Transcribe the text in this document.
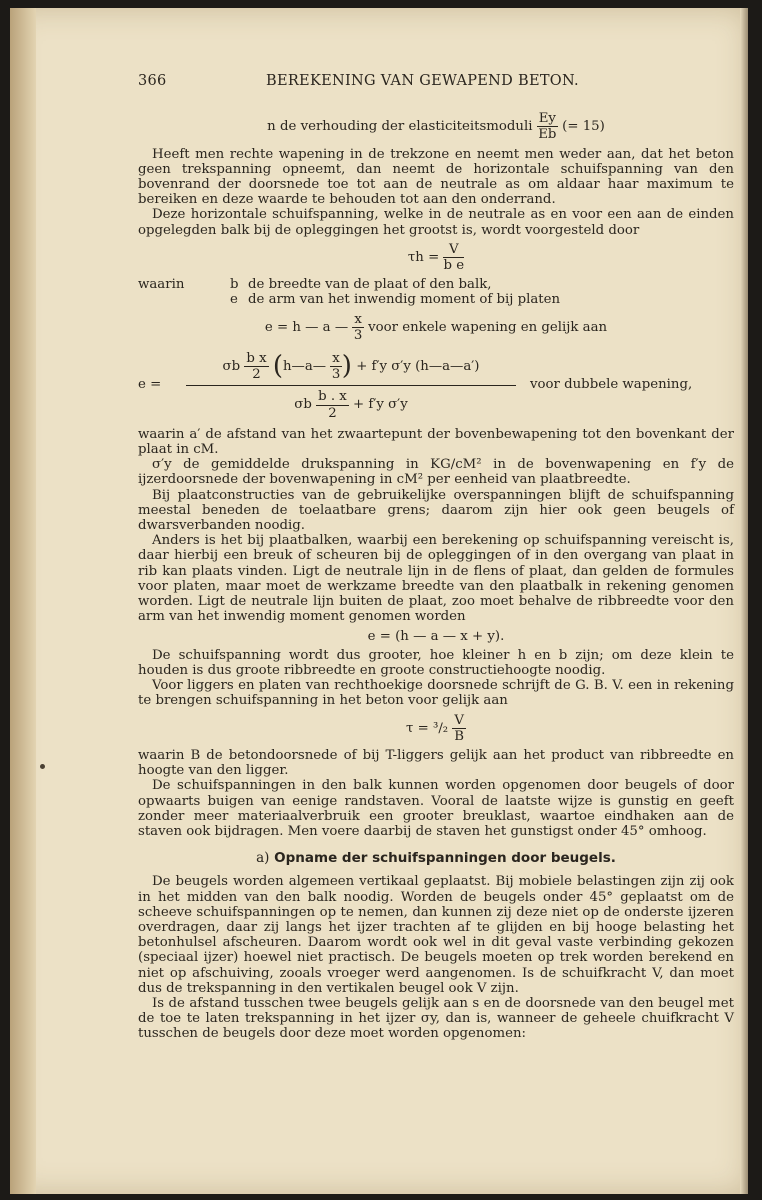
366	BEREKENING VAN GEWAPEND BETON.
n de verhouding der elasticiteitsmoduli $\frac{Ey}{Eb}$ (= 15)

Heeft men rechte wapening in de trekzone en neemt men weder aan, dat het beton geen trekspanning opneemt, dan neemt de horizontale schuifspanning van den bovenrand der doorsnede toe tot aan de neutrale as om aldaar haar maximum te bereiken en deze waarde te behouden tot aan den onderrand.

Deze horizontale schuifspanning, welke in de neutrale as en voor een aan de einden opgelegden balk bij de opleggingen het grootst is, wordt voorgesteld door

$\tau h = \frac{V}{\text{b e}}$
waarin	b de breedte van de plaat of den balk,
e de arm van het inwendig moment of bij platen
e = h — a — $\frac{x}{3}$ voor enkele wapening en gelijk aan
e =
σb $\frac{\text{b x}}{2}$ (h—a— $\frac{x}{3}$ ) + f′y σ′y (h—a—a′)
σb $\frac{b . x}{2} + f'y$ σ′y
voor dubbele wapening,

waarin a′ de afstand van het zwaartepunt der bovenbewapening tot den bovenkant der plaat in cM.

σ′y de gemiddelde drukspanning in KG/cM² in de bovenwapening en f′y de ijzerdoorsnede der bovenwapening in cM² per eenheid van plaatbreedte.

Bij plaatconstructies van de gebruikelijke overspanningen blijft de schuifspanning meestal beneden de toelaatbare grens; daarom zijn hier ook geen beugels of dwarsverbanden noodig.

Anders is het bij plaatbalken, waarbij een berekening op schuifspanning vereischt is, daar hierbij een breuk of scheuren bij de opleggingen of in den overgang van plaat in rib kan plaats vinden. Ligt de neutrale lijn in de flens of plaat, dan gelden de formules voor platen, maar moet de werkzame breedte van den plaatbalk in rekening genomen worden. Ligt de neutrale lijn buiten de plaat, zoo moet behalve de ribbreedte voor den arm van het inwendig moment genomen worden

e = (h — a — x + y).

De schuifspanning wordt dus grooter, hoe kleiner h en b zijn; om deze klein te houden is dus groote ribbreedte en groote constructiehoogte noodig.

Voor liggers en platen van rechthoekige doorsnede schrijft de G. B. V. een in rekening te brengen schuifspanning in het beton voor gelijk aan

$\tau = ^3/_2 \frac{V}{B}$

waarin B de betondoorsnede of bij T-liggers gelijk aan het product van ribbreedte en hoogte van den ligger.

De schuifspanningen in den balk kunnen worden opgenomen door beugels of door opwaarts buigen van eenige randstaven. Vooral de laatste wijze is gunstig en geeft zonder meer materiaalverbruik een grooter breuklast, waartoe eindhaken aan de staven ook bijdragen. Men voere daarbij de staven het gunstigst onder 45° omhoog.

a) Opname der schuifspanningen door beugels.

De beugels worden algemeen vertikaal geplaatst. Bij mobiele belastingen zijn zij ook in het midden van den balk noodig. Worden de beugels onder 45° geplaatst om de scheeve schuifspanningen op te nemen, dan kunnen zij deze niet op de onderste ijzeren overdragen, daar zij langs het ijzer trachten af te glijden en bij hooge belasting het betonhulsel afscheuren. Daarom wordt ook wel in dit geval vaste verbinding gekozen (speciaal ijzer) hoewel niet practisch. De beugels moeten op trek worden berekend en niet op afschuiving, zooals vroeger werd aangenomen. Is de schuifkracht V, dan moet dus de trekspanning in den vertikalen beugel ook V zijn.

Is de afstand tusschen twee beugels gelijk aan s en de doorsnede van den beugel met de toe te laten trekspanning in het ijzer σy, dan is, wanneer de geheele chuifkracht V tusschen de beugels door deze moet worden opgenomen:
